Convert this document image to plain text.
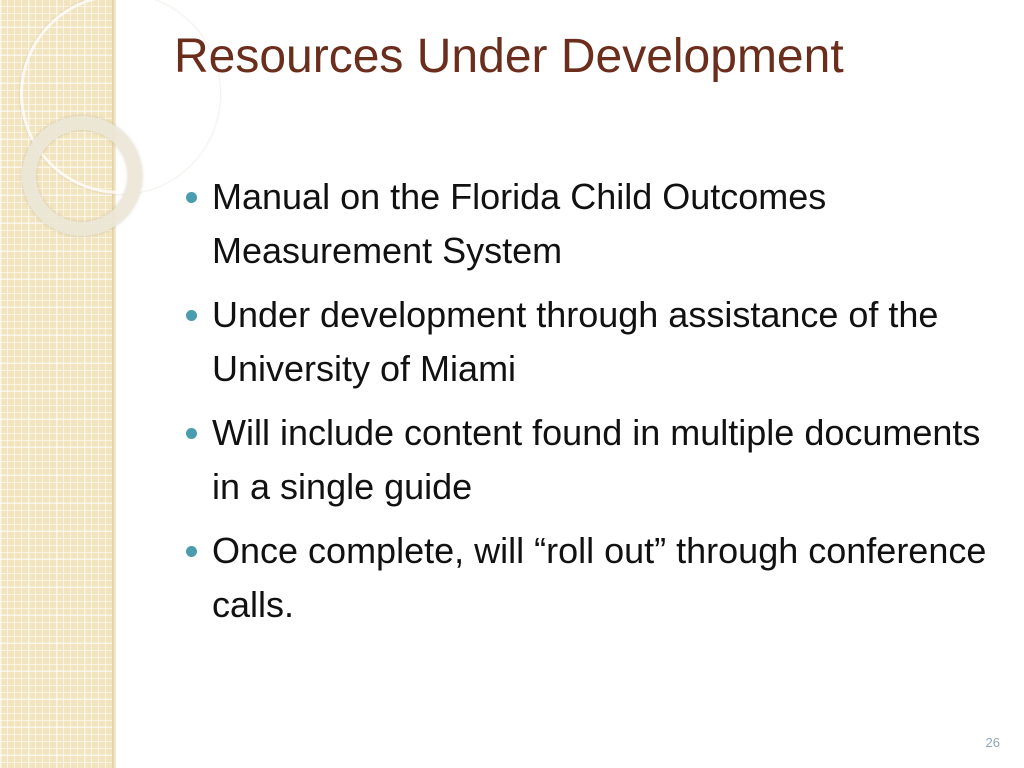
Resources Under Development
Manual on the Florida Child Outcomes Measurement System
Under development through assistance of the University of Miami
Will include content found in multiple documents in a single guide
Once complete, will “roll out” through conference calls.
26
